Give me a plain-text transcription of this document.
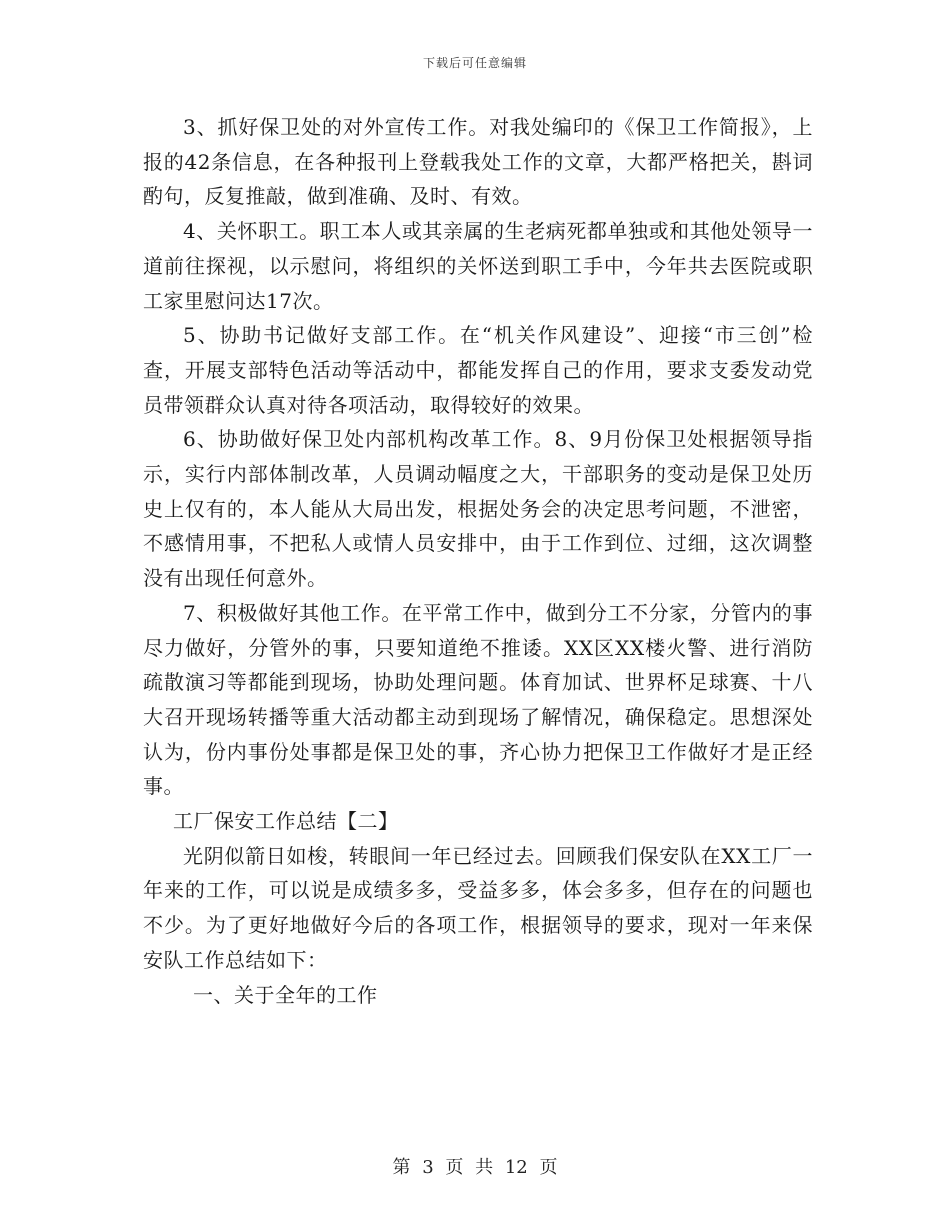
下载后可任意编辑

3、抓好保卫处的对外宣传工作。对我处编印的《保卫工作简报》，上报的42条信息，在各种报刊上登载我处工作的文章，大都严格把关，斟词酌句，反复推敲，做到准确、及时、有效。

4、关怀职工。职工本人或其亲属的生老病死都单独或和其他处领导一道前往探视，以示慰问，将组织的关怀送到职工手中，今年共去医院或职工家里慰问达17次。

5、协助书记做好支部工作。在“机关作风建设”、迎接“市三创”检查，开展支部特色活动等活动中，都能发挥自己的作用，要求支委发动党员带领群众认真对待各项活动，取得较好的效果。

6、协助做好保卫处内部机构改革工作。8、9月份保卫处根据领导指示，实行内部体制改革，人员调动幅度之大，干部职务的变动是保卫处历史上仅有的，本人能从大局出发，根据处务会的决定思考问题，不泄密，不感情用事，不把私人或情人员安排中，由于工作到位、过细，这次调整没有出现任何意外。

7、积极做好其他工作。在平常工作中，做到分工不分家，分管内的事尽力做好，分管外的事，只要知道绝不推诿。XX区XX楼火警、进行消防疏散演习等都能到现场，协助处理问题。体育加试、世界杯足球赛、十八大召开现场转播等重大活动都主动到现场了解情况，确保稳定。思想深处认为，份内事份处事都是保卫处的事，齐心协力把保卫工作做好才是正经事。

工厂保安工作总结【二】

光阴似箭日如梭，转眼间一年已经过去。回顾我们保安队在XX工厂一年来的工作，可以说是成绩多多，受益多多，体会多多，但存在的问题也不少。为了更好地做好今后的各项工作，根据领导的要求，现对一年来保安队工作总结如下：

一、关于全年的工作

第 3 页 共 12 页
